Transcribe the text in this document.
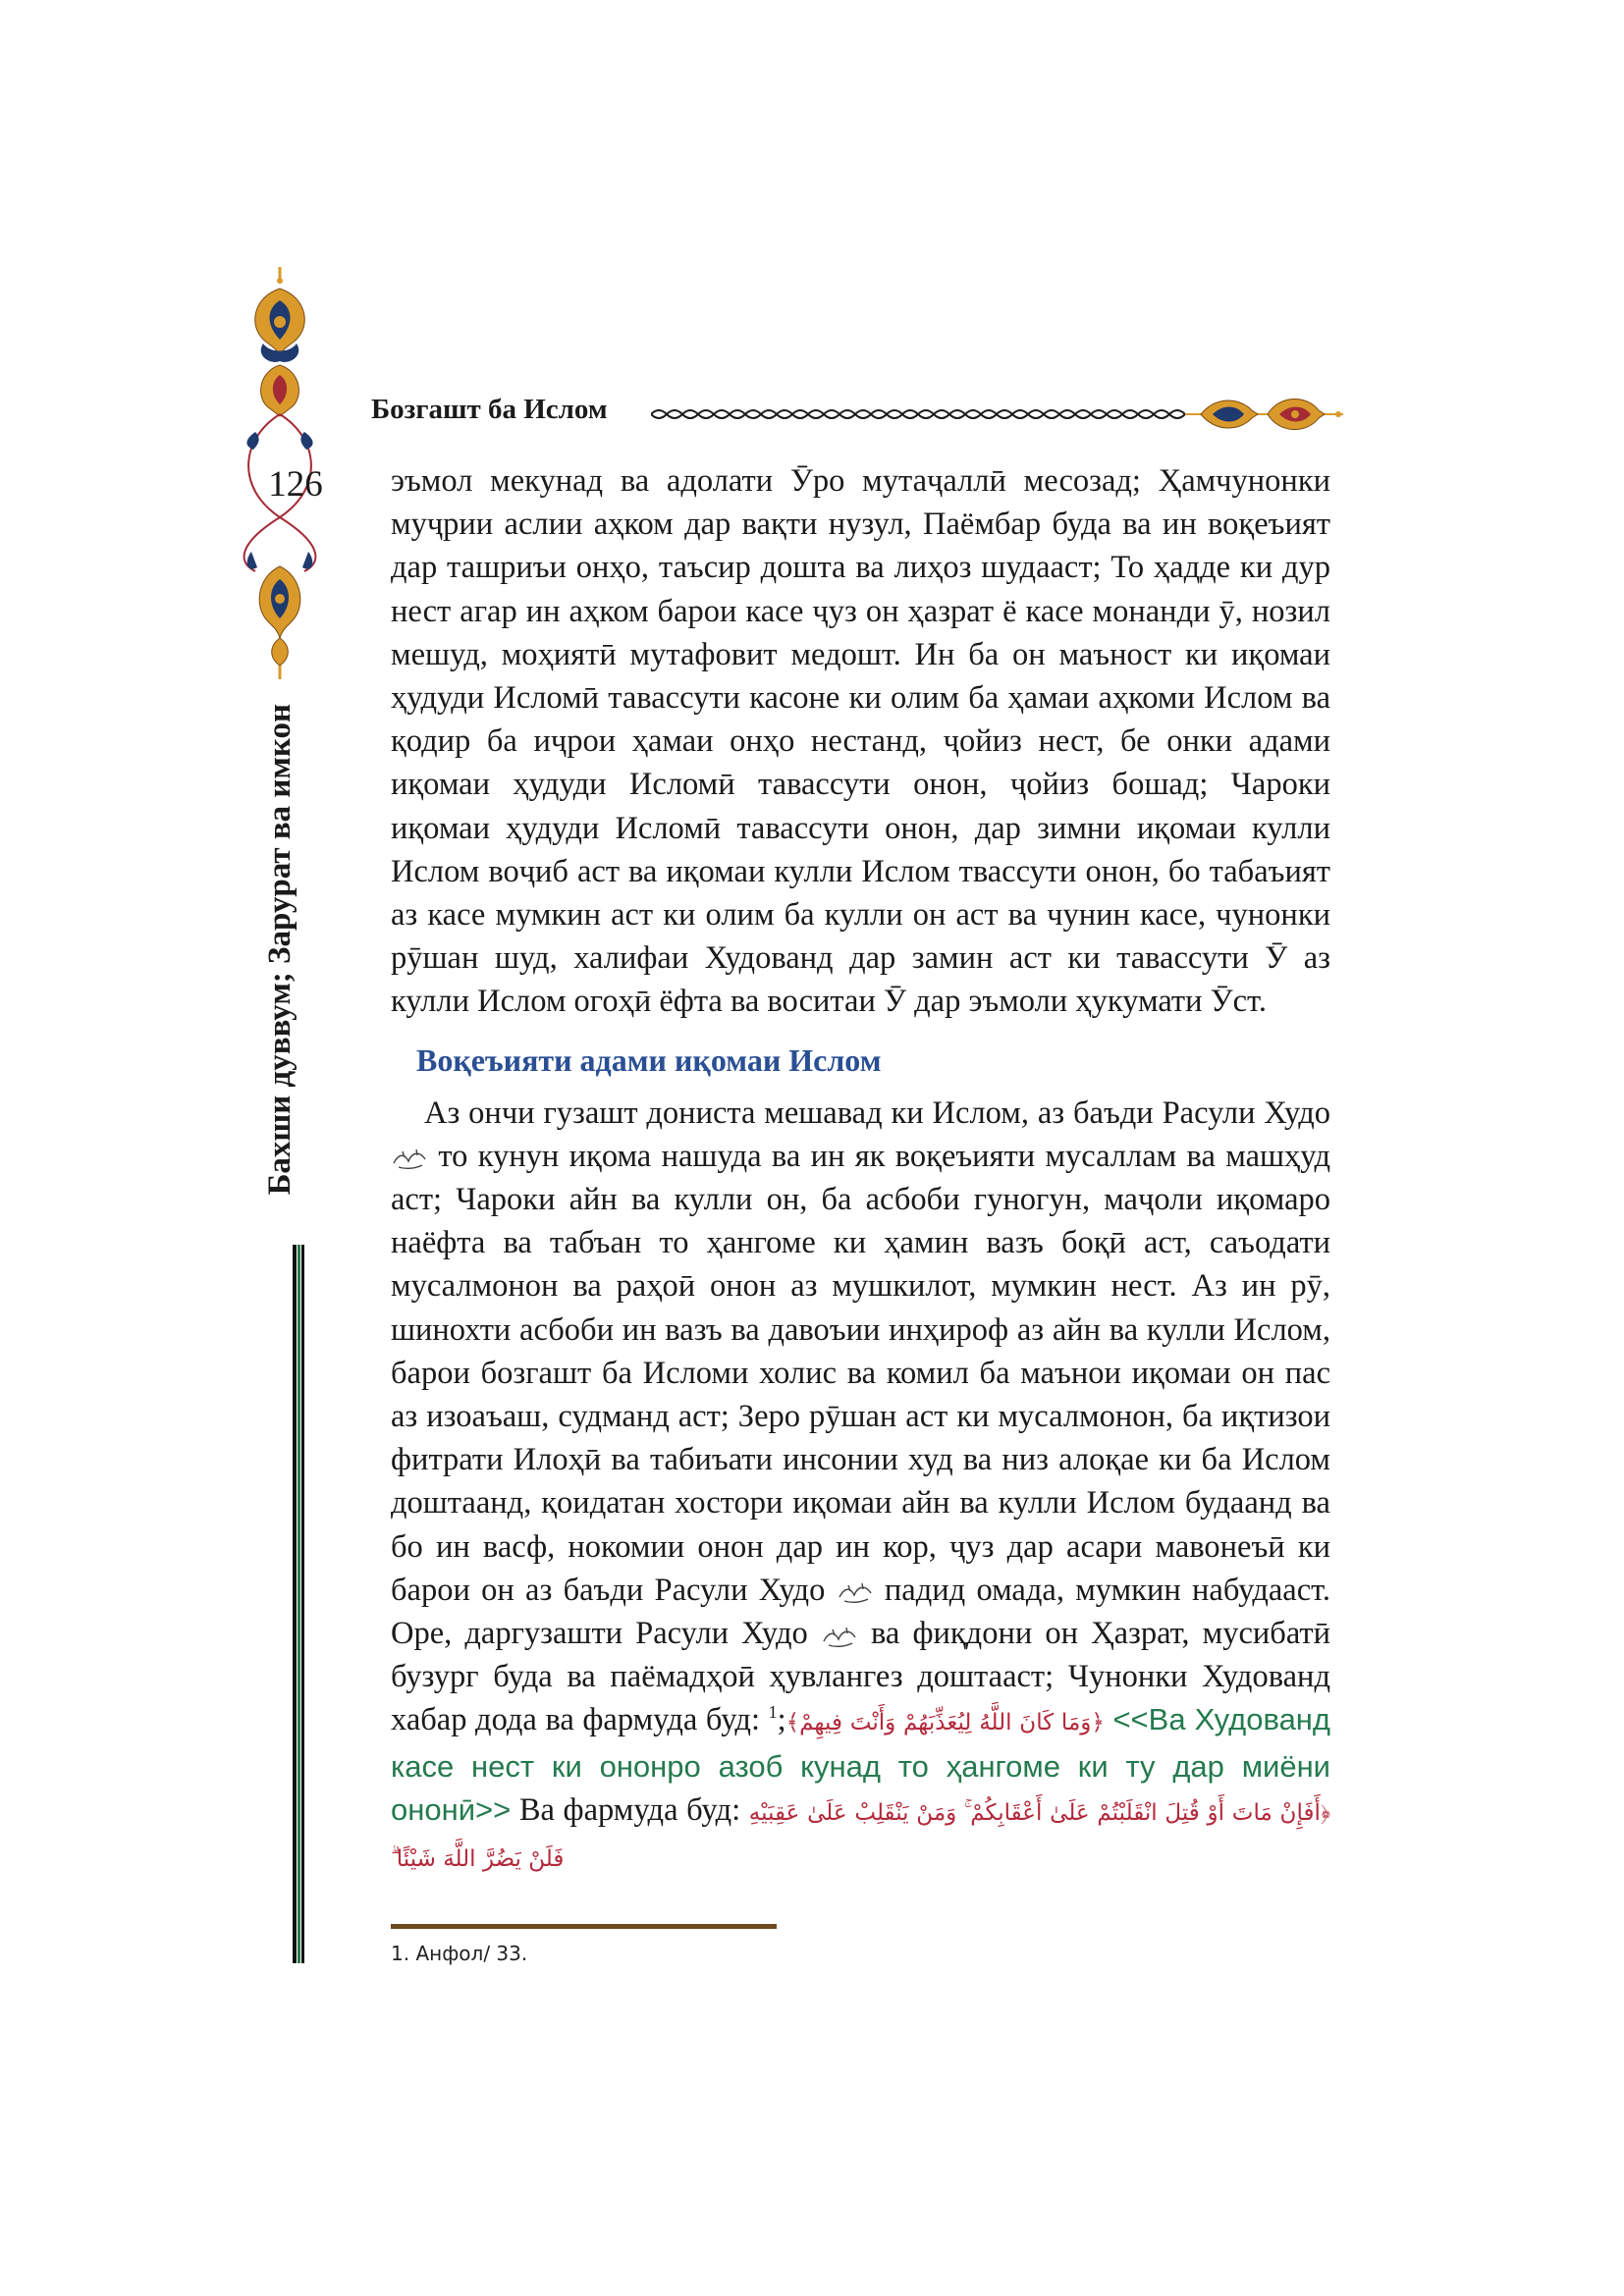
126
Бахши дуввум; Зарурат ва имкон
Бозгашт ба Ислом

эъмол мекунад ва адолати Ӯро мутаҷаллӣ месозад; Ҳамчунонки муҷрии аслии аҳком дар вақти нузул, Паёмбар буда ва ин воқеъият дар ташриъи онҳо, таъсир дошта ва лиҳоз шудааст; То ҳадде ки дур нест агар ин аҳком барои касе ҷуз он ҳазрат ё касе монанди ӯ, нозил мешуд, моҳиятӣ мутафовит медошт. Ин ба он маъност ки иқомаи ҳудуди Исломӣ тавассути касоне ки олим ба ҳамаи аҳкоми Ислом ва қодир ба иҷрои ҳамаи онҳо нестанд, ҷойиз нест, бе онки адами иқомаи ҳудуди Исломӣ тавассути онон, ҷойиз бошад; Чароки иқомаи ҳудуди Исломӣ тавассути онон, дар зимни иқомаи кулли Ислом воҷиб аст ва иқомаи кулли Ислом твассути онон, бо табаъият аз касе мумкин аст ки олим ба кулли он аст ва чунин касе, чунонки рӯшан шуд, халифаи Худованд дар замин аст ки тавассути Ӯ аз кулли Ислом огоҳӣ ёфта ва воситаи Ӯ дар эъмоли ҳукумати Ӯст.

Воқеъияти адами иқомаи Ислом

Аз ончи гузашт дониста мешавад ки Ислом, аз баъди Расули Худо  то кунун иқома нашуда ва ин як воқеъияти мусаллам ва машҳуд аст; Чароки айн ва кулли он, ба асбоби гуногун, маҷоли иқомаро наёфта ва табъан то ҳангоме ки ҳамин вазъ боқӣ аст, саъодати мусалмонон ва раҳоӣ онон аз мушкилот, мумкин нест. Аз ин рӯ, шинохти асбоби ин вазъ ва давоъии инҳироф аз айн ва кулли Ислом, барои бозгашт ба Исломи холис ва комил ба маънои иқомаи он пас аз изоаъаш, судманд аст; Зеро рӯшан аст ки мусалмонон, ба иқтизои фитрати Илоҳӣ ва табиъати инсонии худ ва низ алоқае ки ба Ислом доштаанд, қоидатан хостори иқомаи айн ва кулли Ислом будаанд ва бо ин васф, нокомии онон дар ин кор, ҷуз дар асари мавонеъӣ ки барои он аз баъди Расули Худо падид омада, мумкин набудааст. Оре, даргузашти Расули Худо ва фиқдони он Ҳазрат, мусибатӣ бузург буда ва паёмадҳоӣ ҳувлангез доштааст; Чунонки Худованд хабар дода ва фармуда буд: ﴿وَمَا كَانَ اللَّهُ لِيُعَذِّبَهُمْ وَأَنْتَ فِيهِمْ﴾;$^1$	<<Ва Худованд касе нест ки ононро азоб кунад то ҳангоме ки ту дар миёни ононӣ>> Ва фармуда буд: ﴿أَفَإِنْ مَاتَ أَوْ قُتِلَ انْقَلَبْتُمْ عَلَىٰ أَعْقَابِكُمْ ۚ وَمَنْ يَنْقَلِبْ عَلَىٰ عَقِبَيْهِ فَلَنْ يَضُرَّ اللَّهَ شَيْئًا ۗ

1. Анфол/ 33.
